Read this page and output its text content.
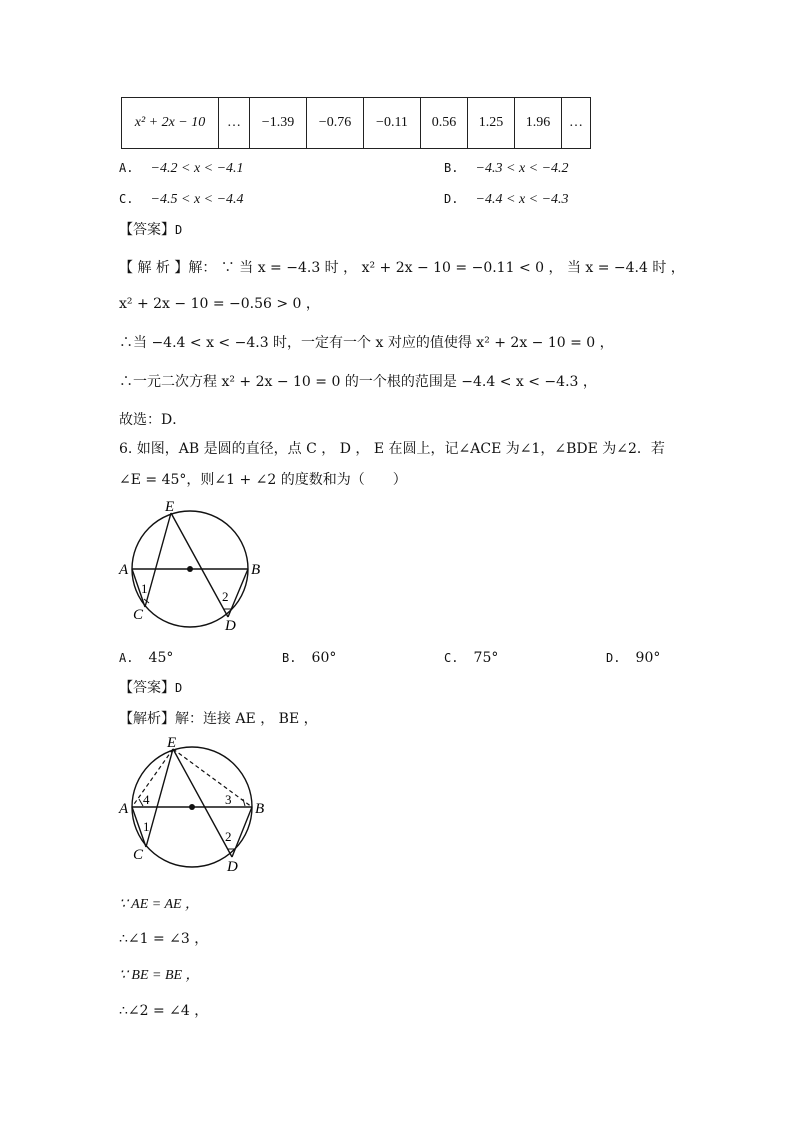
x² + 2x − 10	…	−1.39	−0.76	−0.11	0.56	1.25	1.96	…
A. −4.2 < x < −4.1	B. −4.3 < x < −4.2
C. −4.5 < x < −4.4	D. −4.4 < x < −4.3
【答案】D
【 解 析 】解： ∵ 当 x = −4.3 时 ， x² + 2x − 10 = −0.11 < 0 ， 当 x = −4.4 时 ，
x² + 2x − 10 = −0.56 > 0 ，
∴当 −4.4 < x < −4.3 时，一定有一个 x 对应的值使得 x² + 2x − 10 = 0 ，
∴一元二次方程 x² + 2x − 10 = 0 的一个根的范围是 −4.4 < x < −4.3 ，
故选：D．
6. 如图，AB 是圆的直径，点 C ， D ， E 在圆上，记∠ACE 为∠1，∠BDE 为∠2．若
∠E = 45°，则∠1 + ∠2 的度数和为（　　）
E
A	B
C
D
1
2
A. 45°	B. 60°	C. 75°	D. 90°
【答案】D
【解析】解：连接 AE ， BE ，
E
A	B
C
D
4	3
1
2
∵ AE = AE ，
∴∠1 = ∠3 ，
∵ BE = BE ，
∴∠2 = ∠4 ，
